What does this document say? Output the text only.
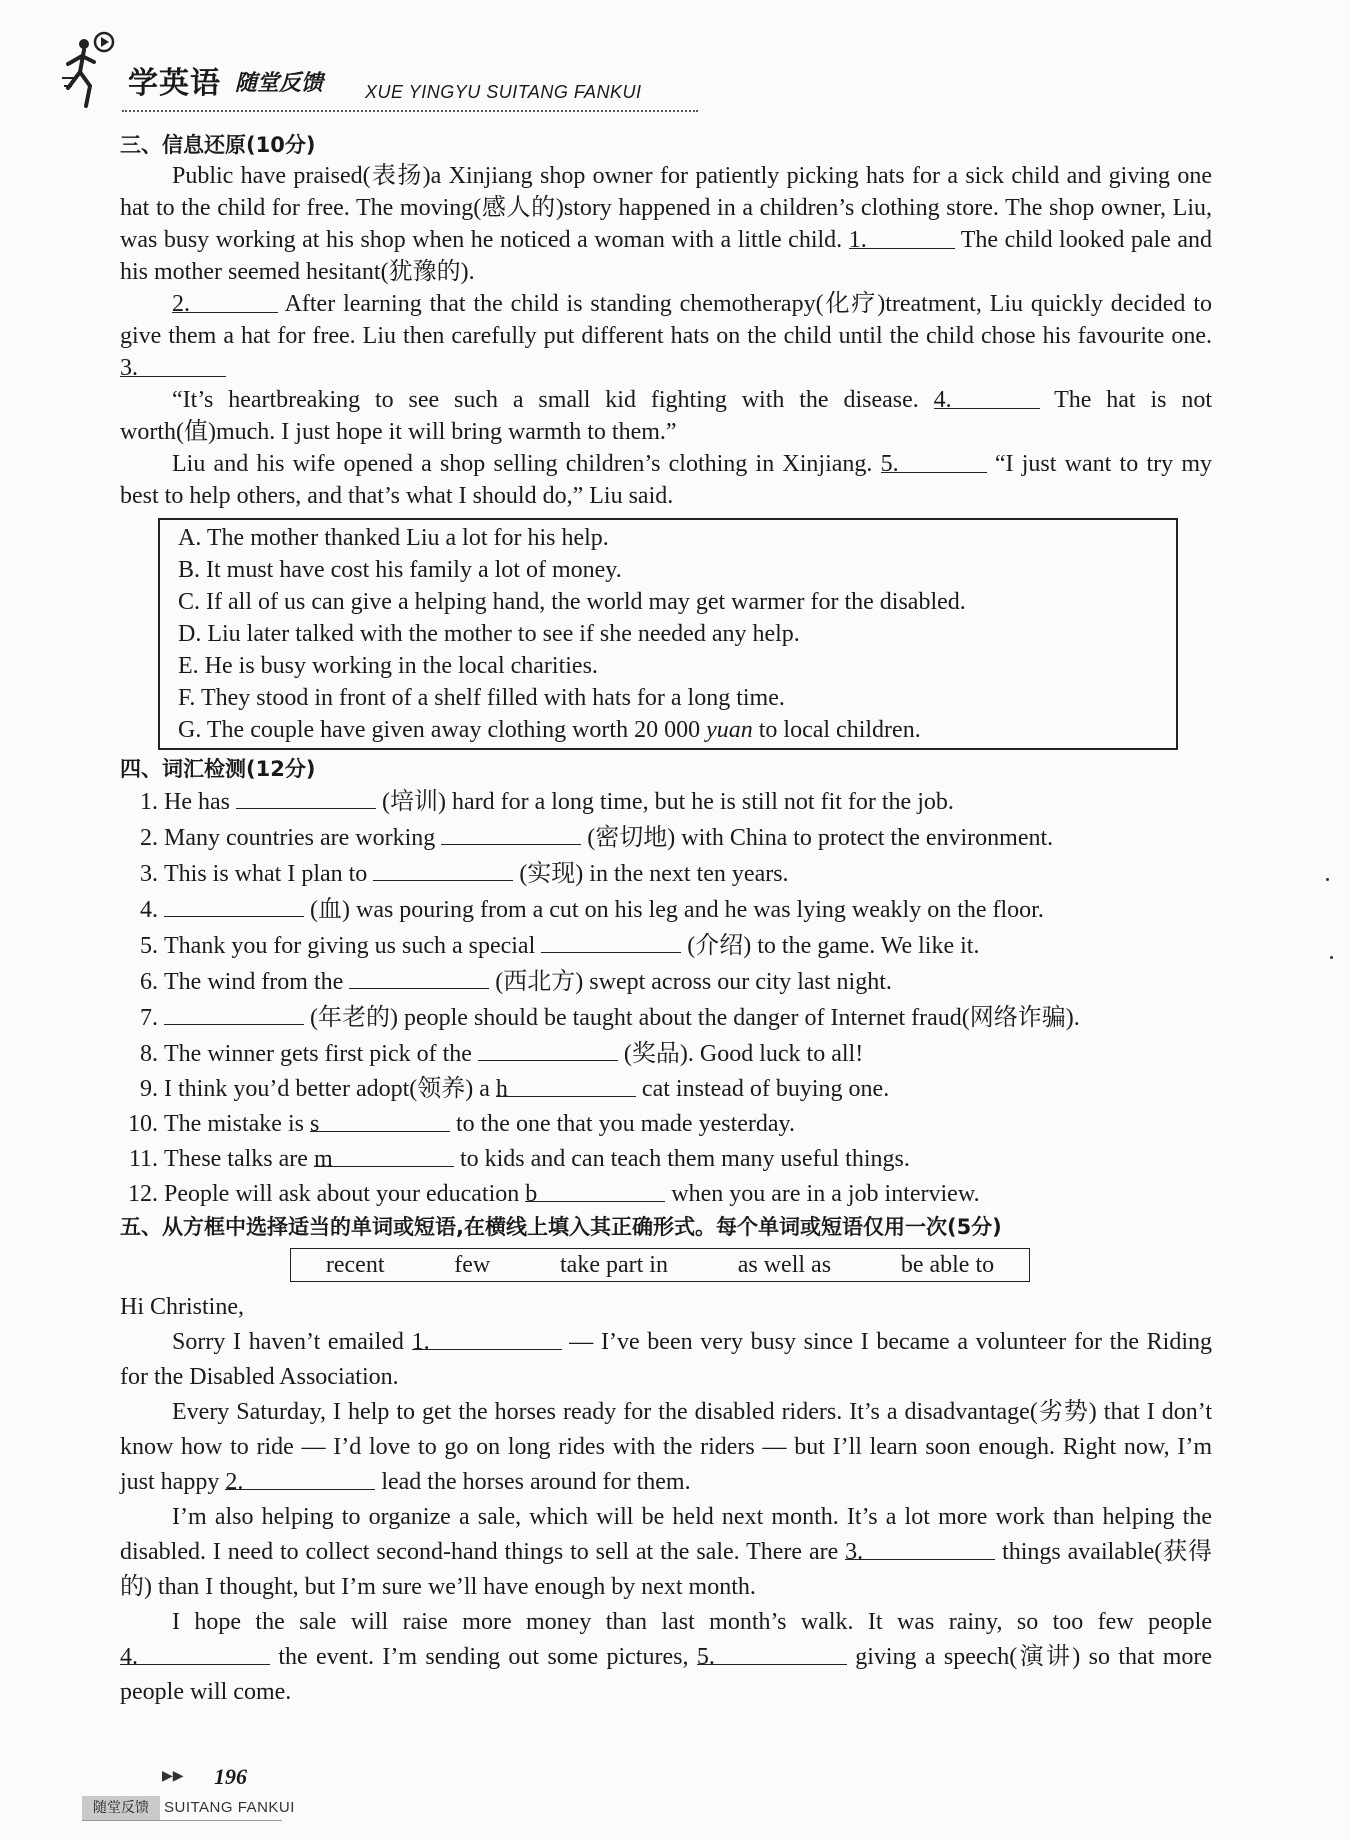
学英语 随堂反馈 XUE YINGYU SUITANG FANKUI
三、信息还原(10分)

Public have praised(表扬)a Xinjiang shop owner for patiently picking hats for a sick child and giving one hat to the child for free. The moving(感人的)story happened in a children’s clothing store. The shop owner, Liu, was busy working at his shop when he noticed a woman with a little child. 1.	The child looked pale and his mother seemed hesitant(犹豫的).

2.	After learning that the child is standing chemotherapy(化疗)treatment, Liu quickly decided to give them a hat for free. Liu then carefully put different hats on the child until the child chose his favourite one. 3.

“It’s heartbreaking to see such a small kid fighting with the disease. 4.	The hat is not worth(值)much. I just hope it will bring warmth to them.”

Liu and his wife opened a shop selling children’s clothing in Xinjiang. 5.	“I just want to try my best to help others, and that’s what I should do,” Liu said.

A. The mother thanked Liu a lot for his help.
B. It must have cost his family a lot of money.
C. If all of us can give a helping hand, the world may get warmer for the disabled.
D. Liu later talked with the mother to see if she needed any help.
E. He is busy working in the local charities.
F. They stood in front of a shelf filled with hats for a long time.
G. The couple have given away clothing worth 20 000 yuan to local children.
四、词汇检测(12分)
1. He has	(培训) hard for a long time, but he is still not fit for the job.
2. Many countries are working	(密切地) with China to protect the environment.
3. This is what I plan to	(实现) in the next ten years.
4.	(血) was pouring from a cut on his leg and he was lying weakly on the floor.
5. Thank you for giving us such a special	(介绍) to the game. We like it.
6. The wind from the	(西北方) swept across our city last night.
7.	(年老的) people should be taught about the danger of Internet fraud(网络诈骗).
8. The winner gets first pick of the	(奖品). Good luck to all!
9. I think you’d better adopt(领养) a h	cat instead of buying one.
10. The mistake is s	to the one that you made yesterday.
11. These talks are m	to kids and can teach them many useful things.
12. People will ask about your education b	when you are in a job interview.
五、从方框中选择适当的单词或短语,在横线上填入其正确形式。每个单词或短语仅用一次(5分)
recent	few	take part in	as well as	be able to

Hi Christine,

Sorry I haven’t emailed 1.	— I’ve been very busy since I became a volunteer for the Riding for the Disabled Association.

Every Saturday, I help to get the horses ready for the disabled riders. It’s a disadvantage(劣势) that I don’t know how to ride — I’d love to go on long rides with the riders — but I’ll learn soon enough. Right now, I’m just happy 2.	lead the horses around for them.

I’m also helping to organize a sale, which will be held next month. It’s a lot more work than helping the disabled. I need to collect second-hand things to sell at the sale. There are 3.	things available(获得的) than I thought, but I’m sure we’ll have enough by next month.

I hope the sale will raise more money than last month’s walk. It was rainy, so too few people 4.	the event. I’m sending out some pictures, 5.	giving a speech(演讲) so that more people will come.

▶▶ 196
随堂反馈	SUITANG FANKUI
